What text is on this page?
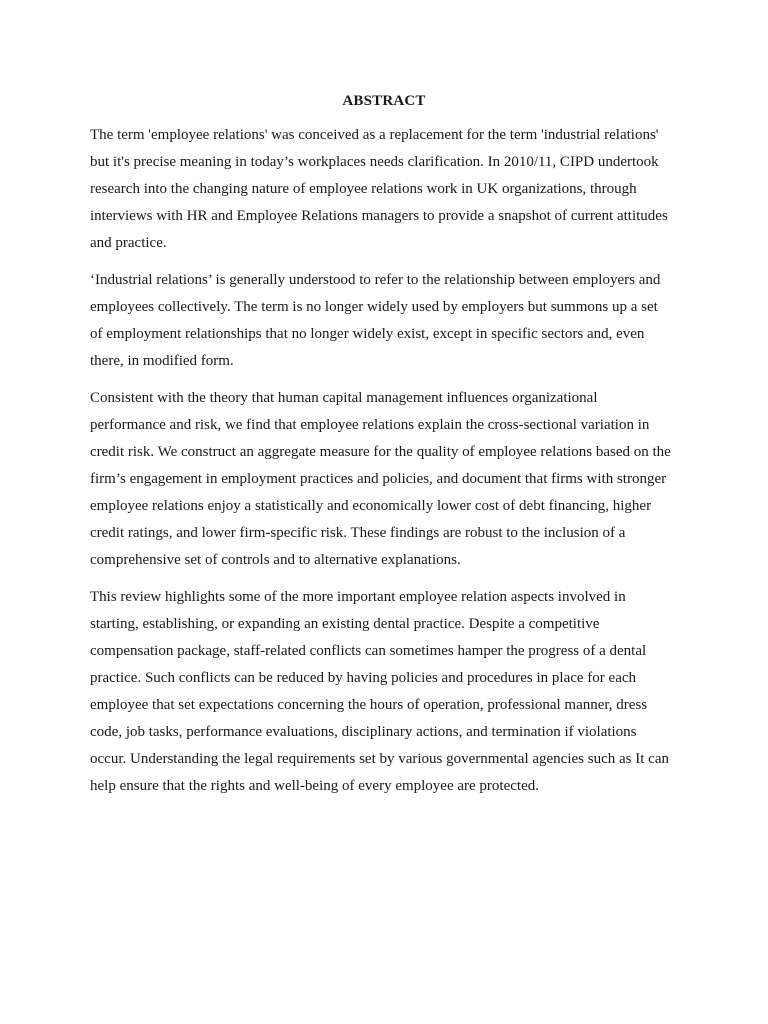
ABSTRACT

The term 'employee relations' was conceived as a replacement for the term 'industrial relations'
but it's precise meaning in today’s workplaces needs clarification. In 2010/11, CIPD undertook
research into the changing nature of employee relations work in UK organizations, through
interviews with HR and Employee Relations managers to provide a snapshot of current attitudes
and practice.

‘Industrial relations’ is generally understood to refer to the relationship between employers and
employees collectively. The term is no longer widely used by employers but summons up a set
of employment relationships that no longer widely exist, except in specific sectors and, even
there, in modified form.

Consistent with the theory that human capital management influences organizational
performance and risk, we find that employee relations explain the cross-sectional variation in
credit risk. We construct an aggregate measure for the quality of employee relations based on the
firm’s engagement in employment practices and policies, and document that firms with stronger
employee relations enjoy a statistically and economically lower cost of debt financing, higher
credit ratings, and lower firm-specific risk. These findings are robust to the inclusion of a
comprehensive set of controls and to alternative explanations.

This review highlights some of the more important employee relation aspects involved in
starting, establishing, or expanding an existing dental practice. Despite a competitive
compensation package, staff-related conflicts can sometimes hamper the progress of a dental
practice. Such conflicts can be reduced by having policies and procedures in place for each
employee that set expectations concerning the hours of operation, professional manner, dress
code, job tasks, performance evaluations, disciplinary actions, and termination if violations
occur. Understanding the legal requirements set by various governmental agencies such as It can
help ensure that the rights and well-being of every employee are protected.
